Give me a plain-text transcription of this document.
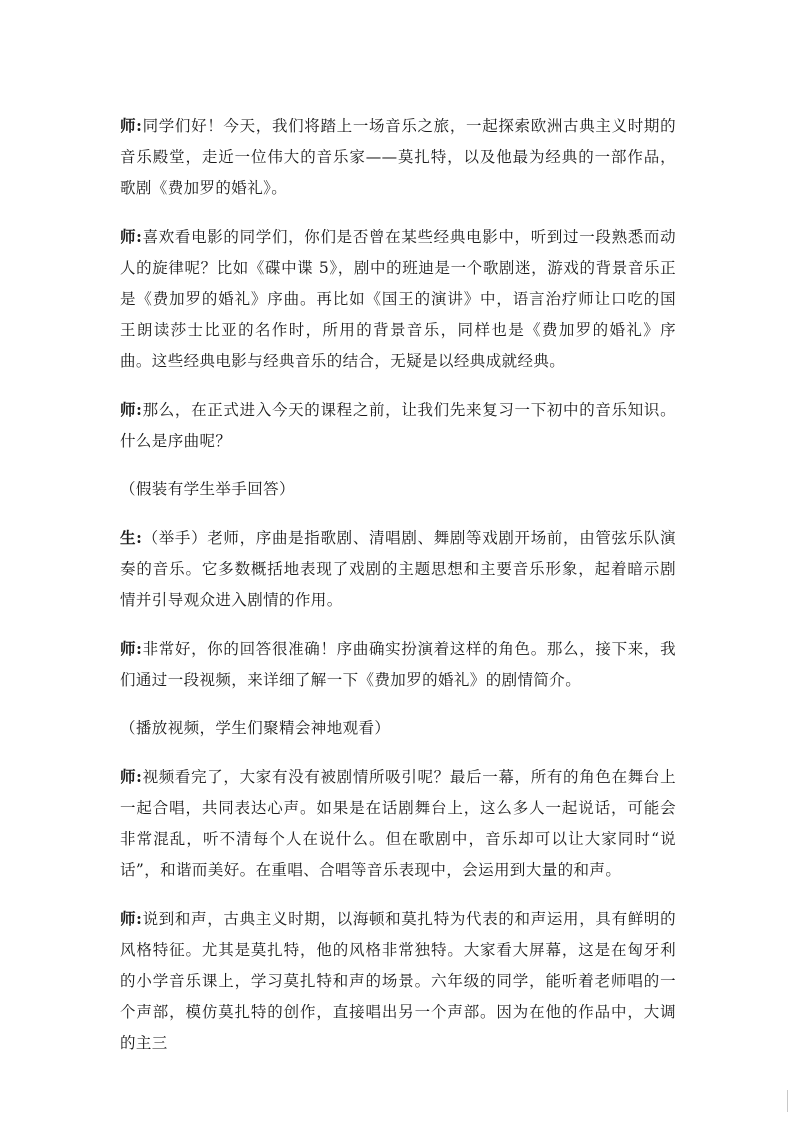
师:同学们好！今天，我们将踏上一场音乐之旅，一起探索欧洲古典主义时期的音乐殿堂，走近一位伟大的音乐家——莫扎特，以及他最为经典的一部作品，歌剧《费加罗的婚礼》。

师:喜欢看电影的同学们，你们是否曾在某些经典电影中，听到过一段熟悉而动人的旋律呢？比如《碟中谍 5》，剧中的班迪是一个歌剧迷，游戏的背景音乐正是《费加罗的婚礼》序曲。再比如《国王的演讲》中，语言治疗师让口吃的国王朗读莎士比亚的名作时，所用的背景音乐，同样也是《费加罗的婚礼》序曲。这些经典电影与经典音乐的结合，无疑是以经典成就经典。

师:那么，在正式进入今天的课程之前，让我们先来复习一下初中的音乐知识。什么是序曲呢？

（假装有学生举手回答）

生:（举手）老师，序曲是指歌剧、清唱剧、舞剧等戏剧开场前，由管弦乐队演奏的音乐。它多数概括地表现了戏剧的主题思想和主要音乐形象，起着暗示剧情并引导观众进入剧情的作用。

师:非常好，你的回答很准确！序曲确实扮演着这样的角色。那么，接下来，我们通过一段视频，来详细了解一下《费加罗的婚礼》的剧情简介。

（播放视频，学生们聚精会神地观看）

师:视频看完了，大家有没有被剧情所吸引呢？最后一幕，所有的角色在舞台上一起合唱，共同表达心声。如果是在话剧舞台上，这么多人一起说话，可能会非常混乱，听不清每个人在说什么。但在歌剧中，音乐却可以让大家同时“说话”，和谐而美好。在重唱、合唱等音乐表现中，会运用到大量的和声。

师:说到和声，古典主义时期，以海顿和莫扎特为代表的和声运用，具有鲜明的风格特征。尤其是莫扎特，他的风格非常独特。大家看大屏幕，这是在匈牙利的小学音乐课上，学习莫扎特和声的场景。六年级的同学，能听着老师唱的一个声部，模仿莫扎特的创作，直接唱出另一个声部。因为在他的作品中，大调的主三
